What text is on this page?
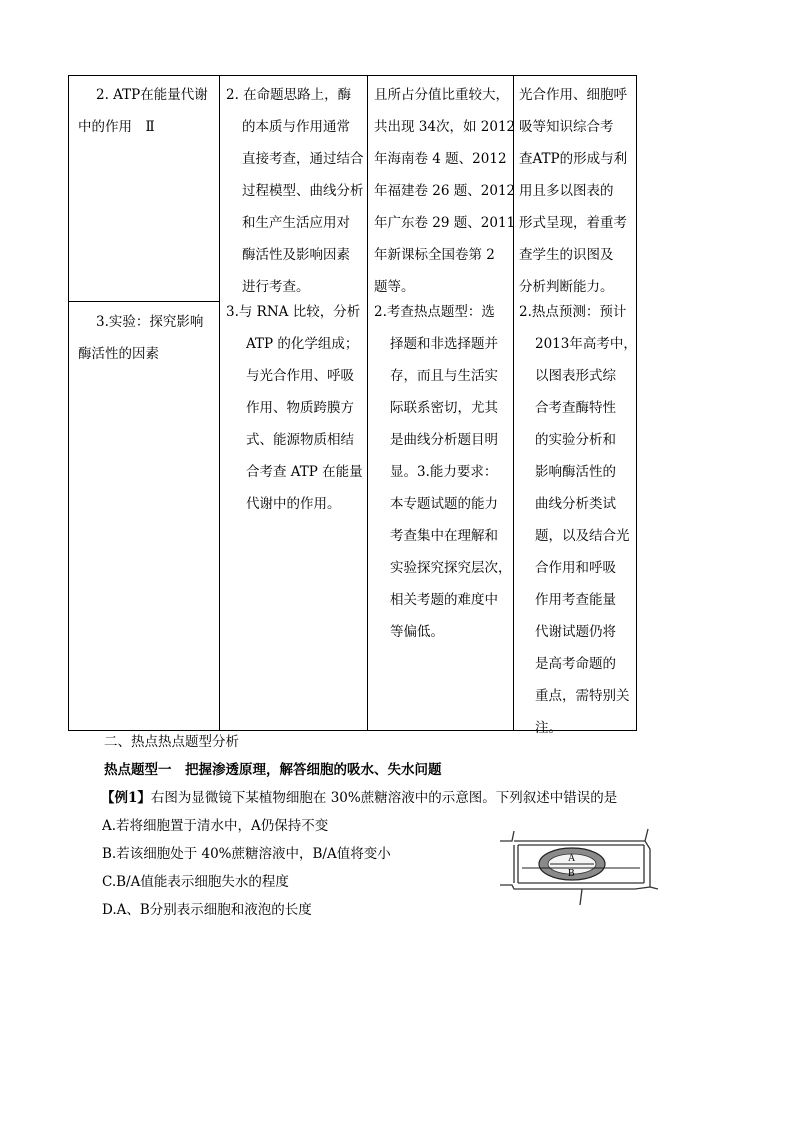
2. ATP在能量代谢
中的作用　Ⅱ
3.实验：探究影响
酶活性的因素
2. 在命题思路上，酶
的本质与作用通常
直接考查，通过结合
过程模型、曲线分析
和生产生活应用对
酶活性及影响因素
进行考查。
3.与 RNA 比较，分析
ATP 的化学组成；
与光合作用、呼吸
作用、物质跨膜方
式、能源物质相结
合考查 ATP 在能量
代谢中的作用。
且所占分值比重较大，
共出现 34次，如 2012
年海南卷 4 题、2012
年福建卷 26 题、2012
年广东卷 29 题、2011
年新课标全国卷第 2
题等。
2.考查热点题型：选
择题和非选择题并
存，而且与生活实
际联系密切，尤其
是曲线分析题目明
显。3.能力要求：
本专题试题的能力
考查集中在理解和
实验探究探究层次，
相关考题的难度中
等偏低。
光合作用、细胞呼
吸等知识综合考
查ATP的形成与利
用且多以图表的
形式呈现，着重考
查学生的识图及
分析判断能力。
2.热点预测：预计
2013年高考中，
以图表形式综
合考查酶特性
的实验分析和
影响酶活性的
曲线分析类试
题，以及结合光
合作用和呼吸
作用考查能量
代谢试题仍将
是高考命题的
重点，需特别关
注。
二、热点热点题型分析
热点题型一　把握渗透原理，解答细胞的吸水、失水问题
【例1】右图为显微镜下某植物细胞在 30%蔗糖溶液中的示意图。下列叙述中错误的是
A.若将细胞置于清水中，A仍保持不变
B.若该细胞处于 40%蔗糖溶液中，B/A值将变小
C.B/A值能表示细胞失水的程度
D.A、B分别表示细胞和液泡的长度
A
B
